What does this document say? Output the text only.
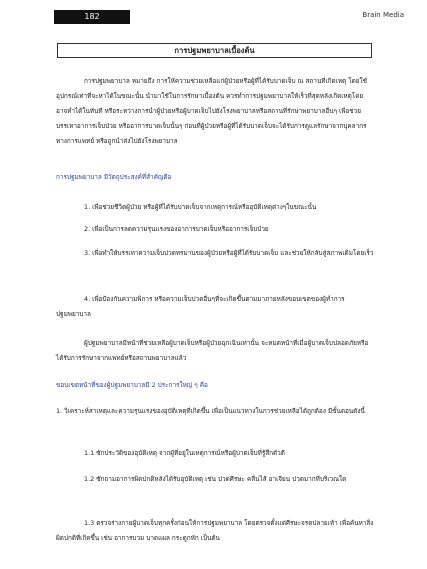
182	Brain Media
การปฐมพยาบาลเบื้องต้น
การปฐมพยาบาล หมายถึง การให้ความช่วยเหลือแก่ผู้ป่วยหรือผู้ที่ได้รับบาดเจ็บ ณ สถานที่เกิดเหตุ โดยใช้อุปกรณ์เท่าที่จะหาได้ในขณะนั้น นำมาใช้ในการรักษาเบื้องต้น ควรทำการปฐมพยาบาลให้เร็วที่สุดหลังเกิดเหตุโดยอาจทำได้ในทันที หรือระหว่างการนำผู้ป่วยหรือผู้บาดเจ็บไปยังโรงพยาบาลหรือสถานที่รักษาพยาบาลอื่นๆ เพื่อช่วยบรรเทาอาการเจ็บป่วย หรืออาการบาดเจ็บนั้นๆ ก่อนที่ผู้ป่วยหรือผู้ที่ได้รับบาดเจ็บจะได้รับการดูแลรักษาจากบุคลากรทางการแพทย์ หรือถูกนำส่งไปยังโรงพยาบาล
การปฐมพยาบาล มีวัตถุประสงค์ที่สำคัญคือ
1. เพื่อช่วยชีวิตผู้ป่วย หรือผู้ที่ได้รับบาดเจ็บจากเหตุการณ์หรืออุบัติเหตุต่างๆในขณะนั้น
2. เพื่อเป็นการลดความรุนแรงของอาการบาดเจ็บหรืออาการเจ็บป่วย
3. เพื่อทำให้บรรเทาความเจ็บปวดทรมานของผู้ป่วยหรือผู้ที่ได้รับบาดเจ็บ และช่วยให้กลับสู่สภาพเดิมโดยเร็ว
4. เพื่อป้องกันความพิการ หรือความเจ็บปวดอื่นๆที่จะเกิดขึ้นตามมาภายหลังขอบเขตของผู้ทำการปฐมพยาบาล
ผู้ปฐมพยาบาลมีหน้าที่ช่วยเหลือผู้บาดเจ็บหรือผู้ป่วยฉุกเฉินเท่านั้น จะหมดหน้าที่เมื่อผู้บาดเจ็บปลอดภัยหรือได้รับการรักษาจากแพทย์หรือสถานพยาบาลแล้ว
ขอบเขตหน้าที่ของผู้ปฐมพยาบาลมี 2 ประการใหญ่ ๆ คือ
1. วิเคราะห์สาเหตุและความรุนแรงของอุบัติเหตุที่เกิดขึ้น เพื่อเป็นแนวทางในการช่วยเหลือได้ถูกต้อง มีขั้นตอนดังนี้
1.1 ซักประวัติของอุบัติเหตุ จากผู้ที่อยู่ในเหตุการณ์หรือผู้บาดเจ็บที่รู้สึกตัวดี
1.2 ซักถามอาการผิดปกติหลังได้รับอุบัติเหตุ เช่น ปวดศีรษะ คลื่นไส้ อาเจียน ปวดมากที่บริเวณใด
1.3 ตรวจร่างกายผู้บาดเจ็บทุกครั้งก่อนให้การปฐมพยาบาล โดยตรวจตั้งแต่ศีรษะจรดปลายเท้า เพื่อค้นหาสิ่งผิดปกติที่เกิดขึ้น เช่น อาการบวม บาดแผล กระดูกหัก เป็นต้น
